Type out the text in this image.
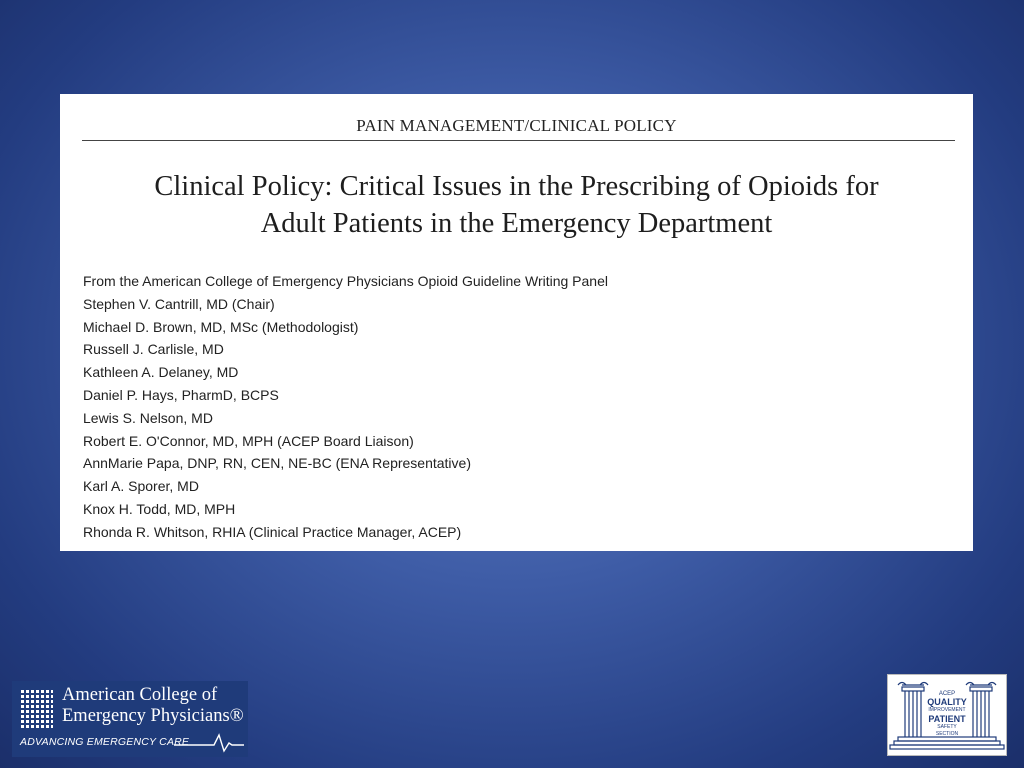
PAIN MANAGEMENT/CLINICAL POLICY
Clinical Policy: Critical Issues in the Prescribing of Opioids for
Adult Patients in the Emergency Department
From the American College of Emergency Physicians Opioid Guideline Writing Panel
Stephen V. Cantrill, MD (Chair)
Michael D. Brown, MD, MSc (Methodologist)
Russell J. Carlisle, MD
Kathleen A. Delaney, MD
Daniel P. Hays, PharmD, BCPS
Lewis S. Nelson, MD
Robert E. O'Connor, MD, MPH (ACEP Board Liaison)
AnnMarie Papa, DNP, RN, CEN, NE-BC (ENA Representative)
Karl A. Sporer, MD
Knox H. Todd, MD, MPH
Rhonda R. Whitson, RHIA (Clinical Practice Manager, ACEP)
American College of
Emergency Physicians®
ADVANCING EMERGENCY CARE
ACEP
QUALITY
IMPROVEMENT
PATIENT
SAFETY
SECTION
